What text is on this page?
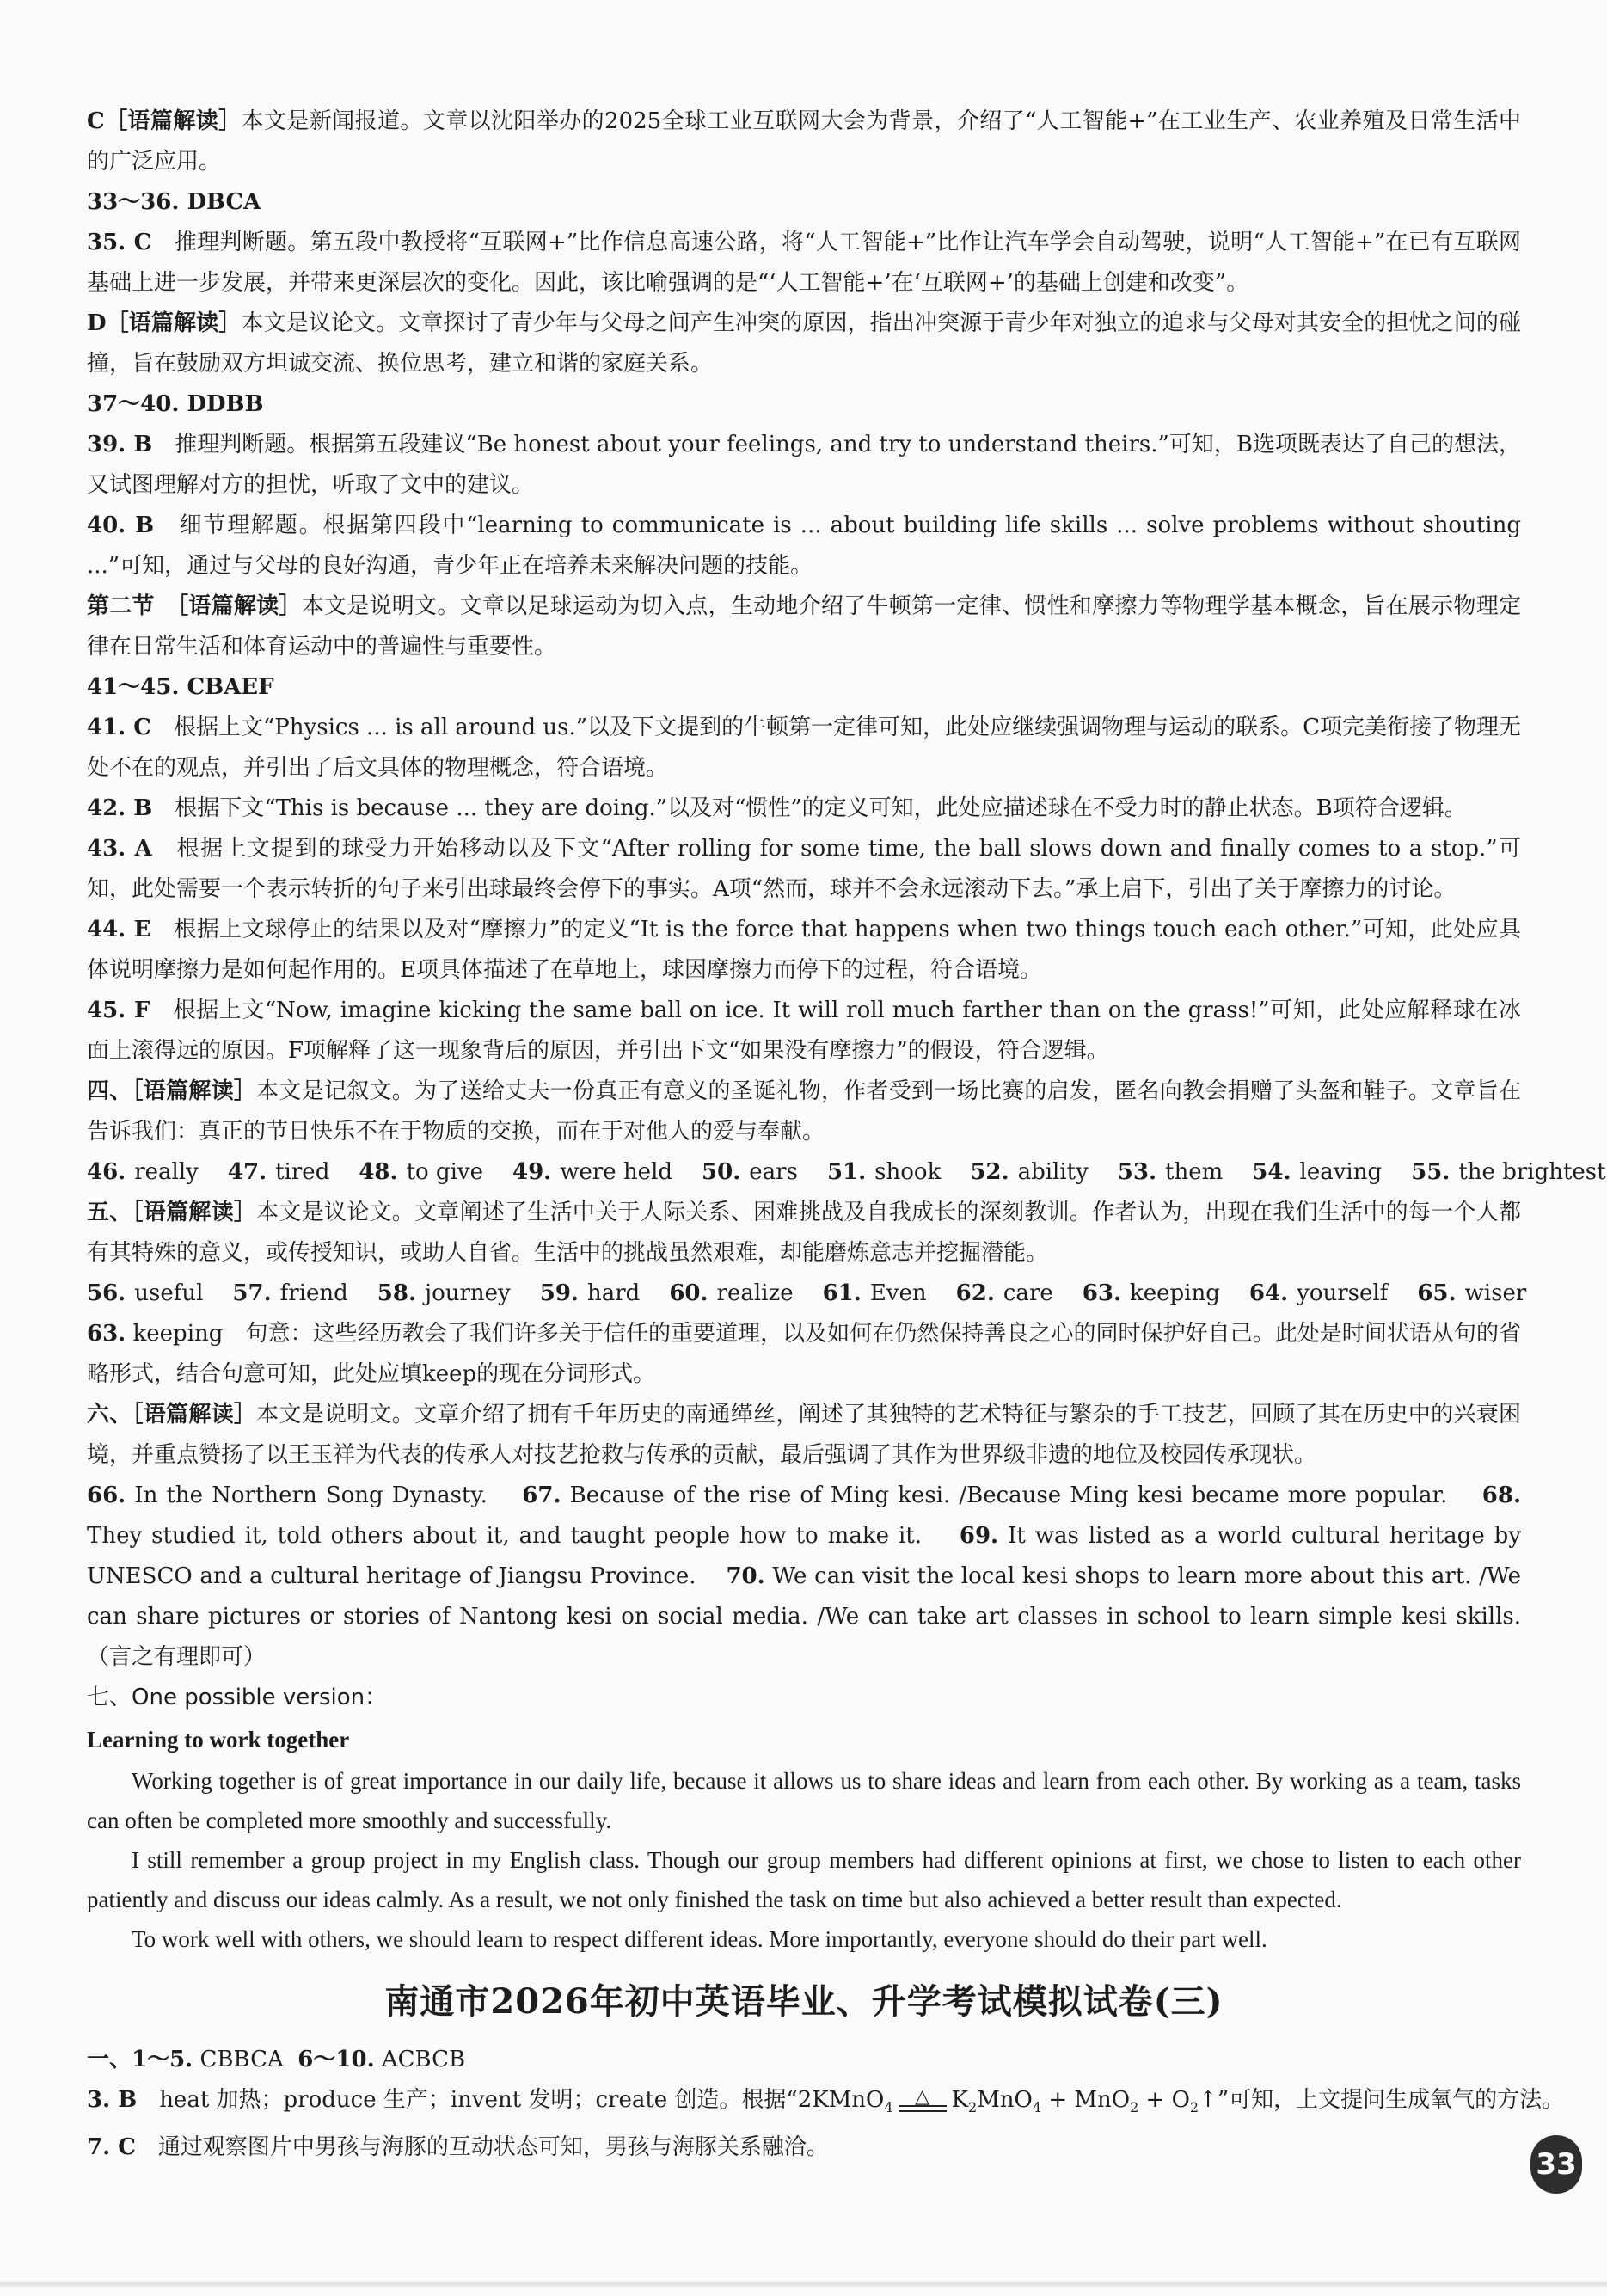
C［语篇解读］本文是新闻报道。文章以沈阳举办的2025全球工业互联网大会为背景，介绍了“人工智能+”在工业生产、农业养殖及日常生活中的广泛应用。

33～36. DBCA

35. C　 推理判断题。第五段中教授将“互联网+”比作信息高速公路，将“人工智能+”比作让汽车学会自动驾驶，说明“人工智能+”在已有互联网基础上进一步发展，并带来更深层次的变化。因此，该比喻强调的是“‘人工智能+’在‘互联网+’的基础上创建和改变”。

D［语篇解读］本文是议论文。文章探讨了青少年与父母之间产生冲突的原因，指出冲突源于青少年对独立的追求与父母对其安全的担忧之间的碰撞，旨在鼓励双方坦诚交流、换位思考，建立和谐的家庭关系。

37～40. DDBB

39. B　 推理判断题。根据第五段建议“Be honest about your feelings, and try to understand theirs.”可知，B选项既表达了自己的想法，又试图理解对方的担忧，听取了文中的建议。

40. B　 细节理解题。根据第四段中“learning to communicate is ... about building life skills ... solve problems without shouting ...”可知，通过与父母的良好沟通，青少年正在培养未来解决问题的技能。

第二节　［语篇解读］本文是说明文。文章以足球运动为切入点，生动地介绍了牛顿第一定律、惯性和摩擦力等物理学基本概念，旨在展示物理定律在日常生活和体育运动中的普遍性与重要性。

41～45. CBAEF

41. C　 根据上文“Physics ... is all around us.”以及下文提到的牛顿第一定律可知，此处应继续强调物理与运动的联系。C项完美衔接了物理无处不在的观点，并引出了后文具体的物理概念，符合语境。

42. B　 根据下文“This is because ... they are doing.”以及对“惯性”的定义可知，此处应描述球在不受力时的静止状态。B项符合逻辑。

43. A　 根据上文提到的球受力开始移动以及下文“After rolling for some time, the ball slows down and finally comes to a stop.”可知，此处需要一个表示转折的句子来引出球最终会停下的事实。A项“然而，球并不会永远滚动下去。”承上启下，引出了关于摩擦力的讨论。

44. E　 根据上文球停止的结果以及对“摩擦力”的定义“It is the force that happens when two things touch each other.”可知，此处应具体说明摩擦力是如何起作用的。E项具体描述了在草地上，球因摩擦力而停下的过程，符合语境。

45. F　 根据上文“Now, imagine kicking the same ball on ice. It will roll much farther than on the grass!”可知，此处应解释球在冰面上滚得远的原因。F项解释了这一现象背后的原因，并引出下文“如果没有摩擦力”的假设，符合逻辑。

四、［语篇解读］本文是记叙文。为了送给丈夫一份真正有意义的圣诞礼物，作者受到一场比赛的启发，匿名向教会捐赠了头盔和鞋子。文章旨在告诉我们：真正的节日快乐不在于物质的交换，而在于对他人的爱与奉献。

46. really 47. tired 48. to give 49. were held 50. ears 51. shook 52. ability 53. them 54. leaving 55. the brightest

五、［语篇解读］本文是议论文。文章阐述了生活中关于人际关系、困难挑战及自我成长的深刻教训。作者认为，出现在我们生活中的每一个人都有其特殊的意义，或传授知识，或助人自省。生活中的挑战虽然艰难，却能磨炼意志并挖掘潜能。

56. useful 57. friend 58. journey 59. hard 60. realize 61. Even 62. care 63. keeping 64. yourself 65. wiser

63. keeping　 句意：这些经历教会了我们许多关于信任的重要道理，以及如何在仍然保持善良之心的同时保护好自己。此处是时间状语从句的省略形式，结合句意可知，此处应填keep的现在分词形式。

六、［语篇解读］本文是说明文。文章介绍了拥有千年历史的南通缂丝，阐述了其独特的艺术特征与繁杂的手工技艺，回顾了其在历史中的兴衰困境，并重点赞扬了以王玉祥为代表的传承人对技艺抢救与传承的贡献，最后强调了其作为世界级非遗的地位及校园传承现状。

66. In the Northern Song Dynasty. 67. Because of the rise of Ming kesi. /Because Ming kesi became more popular. 68. They studied it, told others about it, and taught people how to make it. 69. It was listed as a world cultural heritage by UNESCO and a cultural heritage of Jiangsu Province. 70. We can visit the local kesi shops to learn more about this art. /We can share pictures or stories of Nantong kesi on social media. /We can take art classes in school to learn simple kesi skills.（言之有理即可）

七、One possible version：

Learning to work together

Working together is of great importance in our daily life, because it allows us to share ideas and learn from each other. By working as a team, tasks can often be completed more smoothly and successfully.

I still remember a group project in my English class. Though our group members had different opinions at first, we chose to listen to each other patiently and discuss our ideas calmly. As a result, we not only finished the task on time but also achieved a better result than expected.

To work well with others, we should learn to respect different ideas. More importantly, everyone should do their part well.

南通市2026年初中英语毕业、升学考试模拟试卷(三)

一、1～5. CBBCA 6～10. ACBCB

3. B　 heat 加热；produce 生产；invent 发明；create 创造。根据“2KMnO$_4$	△ $K_2MnO_4 + MnO_2$ + $O_2↑$”可知，上文提问生成氧气的方法。

7. C　 通过观察图片中男孩与海豚的互动状态可知，男孩与海豚关系融洽。	33
